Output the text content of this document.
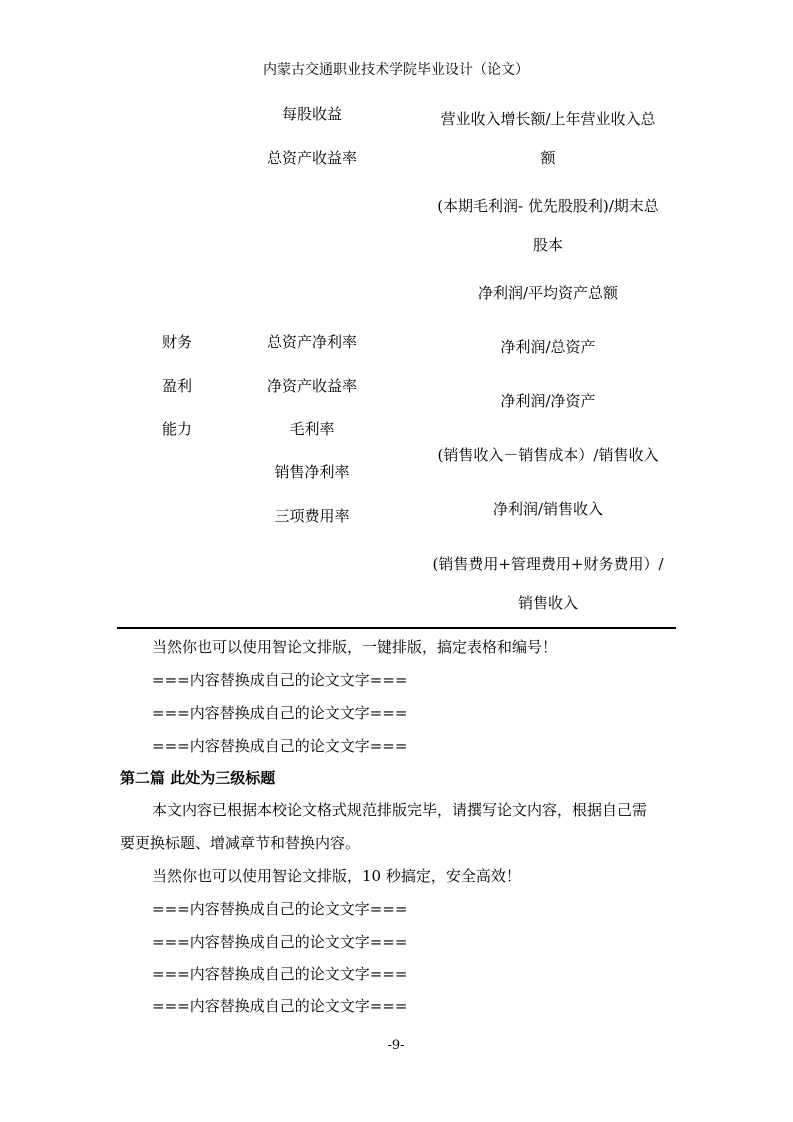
内蒙古交通职业技术学院毕业设计（论文）
每股收益
总资产收益率
营业收入增长额/上年营业收入总
额
(本期毛利润- 优先股股利)/期末总
股本
净利润/平均资产总额
财务
盈利
能力
总资产净利率
净资产收益率
毛利率
销售净利率
三项费用率
净利润/总资产
净利润/净资产
(销售收入－销售成本）/销售收入
净利润/销售收入
(销售费用+管理费用+财务费用）/
销售收入
当然你也可以使用智论文排版，一键排版，搞定表格和编号！
===内容替换成自己的论文文字===
===内容替换成自己的论文文字===
===内容替换成自己的论文文字===
第二篇 此处为三级标题
本文内容已根据本校论文格式规范排版完毕，请撰写论文内容，根据自己需
要更换标题、增减章节和替换内容。
当然你也可以使用智论文排版，10 秒搞定，安全高效！
===内容替换成自己的论文文字===
===内容替换成自己的论文文字===
===内容替换成自己的论文文字===
===内容替换成自己的论文文字===
-9-
